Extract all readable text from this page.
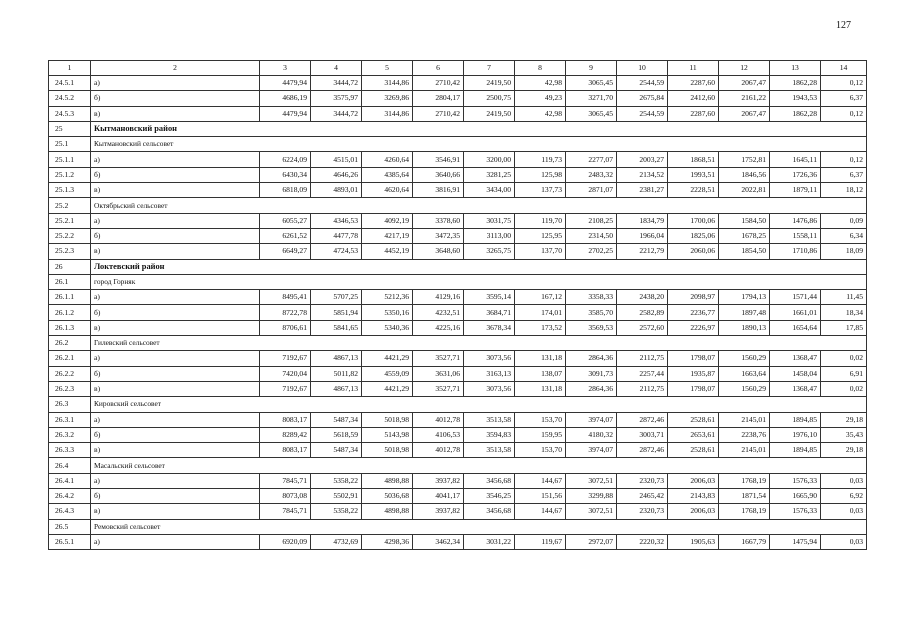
127
1	2	3	4	5	6	7	8	9	10	11	12	13	14
24.5.1	а)	4479,94	3444,72	3144,86	2710,42	2419,50	42,98	3065,45	2544,59	2287,60	2067,47	1862,28	0,12
24.5.2	б)	4686,19	3575,97	3269,86	2804,17	2500,75	49,23	3271,70	2675,84	2412,60	2161,22	1943,53	6,37
24.5.3	в)	4479,94	3444,72	3144,86	2710,42	2419,50	42,98	3065,45	2544,59	2287,60	2067,47	1862,28	0,12
25	Кытмановский район												
25.1	Кытмановский сельсовет												
25.1.1	а)	6224,09	4515,01	4260,64	3546,91	3200,00	119,73	2277,07	2003,27	1868,51	1752,81	1645,11	0,12
25.1.2	б)	6430,34	4646,26	4385,64	3640,66	3281,25	125,98	2483,32	2134,52	1993,51	1846,56	1726,36	6,37
25.1.3	в)	6818,09	4893,01	4620,64	3816,91	3434,00	137,73	2871,07	2381,27	2228,51	2022,81	1879,11	18,12
25.2	Октябрьский сельсовет												
25.2.1	а)	6055,27	4346,53	4092,19	3378,60	3031,75	119,70	2108,25	1834,79	1700,06	1584,50	1476,86	0,09
25.2.2	б)	6261,52	4477,78	4217,19	3472,35	3113,00	125,95	2314,50	1966,04	1825,06	1678,25	1558,11	6,34
25.2.3	в)	6649,27	4724,53	4452,19	3648,60	3265,75	137,70	2702,25	2212,79	2060,06	1854,50	1710,86	18,09
26	Локтевский район												
26.1	город Горняк												
26.1.1	а)	8495,41	5707,25	5212,36	4129,16	3595,14	167,12	3358,33	2438,20	2098,97	1794,13	1571,44	11,45
26.1.2	б)	8722,78	5851,94	5350,16	4232,51	3684,71	174,01	3585,70	2582,89	2236,77	1897,48	1661,01	18,34
26.1.3	в)	8706,61	5841,65	5340,36	4225,16	3678,34	173,52	3569,53	2572,60	2226,97	1890,13	1654,64	17,85
26.2	Гилевский сельсовет												
26.2.1	а)	7192,67	4867,13	4421,29	3527,71	3073,56	131,18	2864,36	2112,75	1798,07	1560,29	1368,47	0,02
26.2.2	б)	7420,04	5011,82	4559,09	3631,06	3163,13	138,07	3091,73	2257,44	1935,87	1663,64	1458,04	6,91
26.2.3	в)	7192,67	4867,13	4421,29	3527,71	3073,56	131,18	2864,36	2112,75	1798,07	1560,29	1368,47	0,02
26.3	Кировский сельсовет												
26.3.1	а)	8083,17	5487,34	5018,98	4012,78	3513,58	153,70	3974,07	2872,46	2528,61	2145,01	1894,85	29,18
26.3.2	б)	8289,42	5618,59	5143,98	4106,53	3594,83	159,95	4180,32	3003,71	2653,61	2238,76	1976,10	35,43
26.3.3	в)	8083,17	5487,34	5018,98	4012,78	3513,58	153,70	3974,07	2872,46	2528,61	2145,01	1894,85	29,18
26.4	Масальский сельсовет												
26.4.1	а)	7845,71	5358,22	4898,88	3937,82	3456,68	144,67	3072,51	2320,73	2006,03	1768,19	1576,33	0,03
26.4.2	б)	8073,08	5502,91	5036,68	4041,17	3546,25	151,56	3299,88	2465,42	2143,83	1871,54	1665,90	6,92
26.4.3	в)	7845,71	5358,22	4898,88	3937,82	3456,68	144,67	3072,51	2320,73	2006,03	1768,19	1576,33	0,03
26.5	Ремовский сельсовет												
26.5.1	а)	6920,09	4732,69	4298,36	3462,34	3031,22	119,67	2972,07	2220,32	1905,63	1667,79	1475,94	0,03
